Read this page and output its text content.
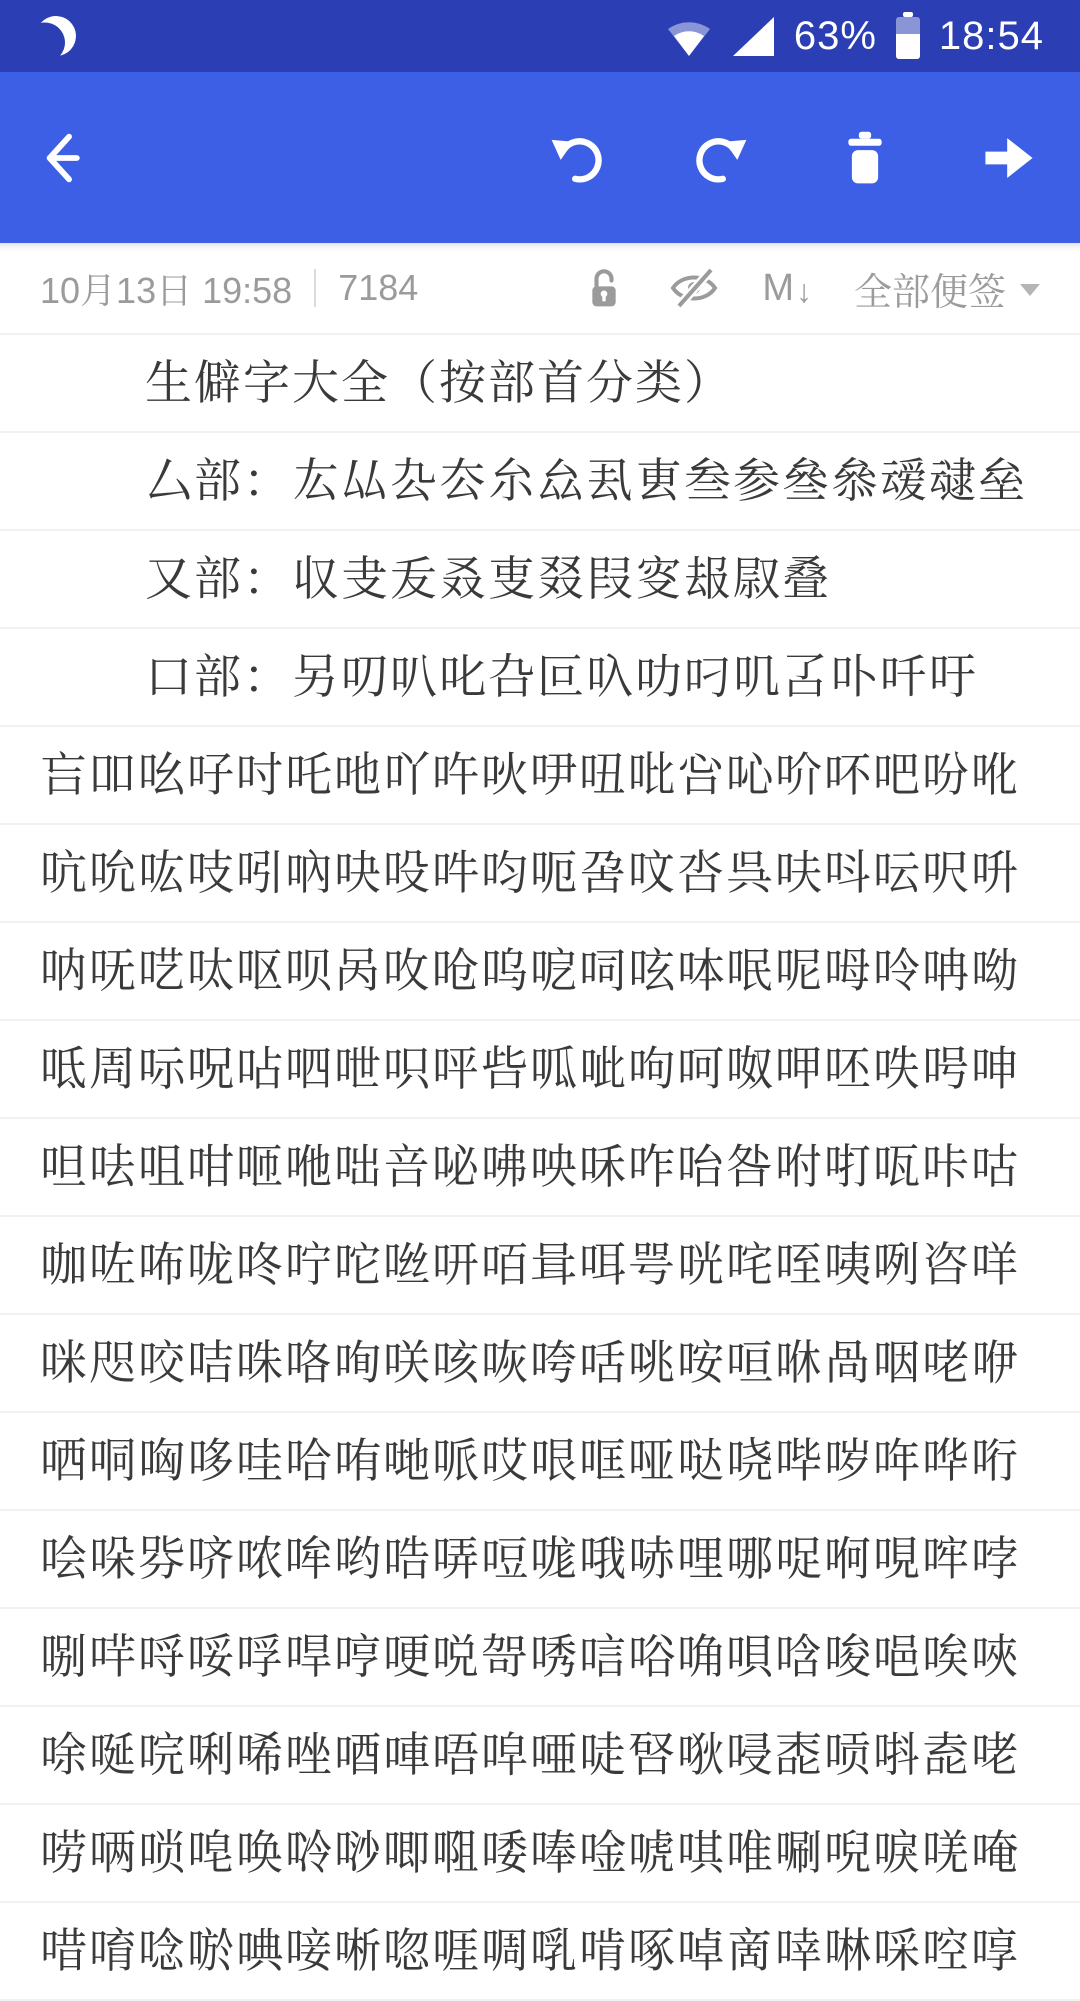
63% 18:54
10月13日 19:58 7184	M ↓ 全部便签
生僻字大全（按部首分类）
厶部：厷厸厹厺厼厽厾叀叁参叄叅叆叇垒
又部：収叏叐叒叓叕叚叜叝叞叠
口部：另叨叭叱叴叵叺叻叼叽叾卟吀吁
吂吅吆吇吋吒吔吖吘吙吚吜吡吢吣吤吥吧吩吪
吭吮吰吱吲吶吷吺吽呁呃呄呅呇呉呋呌呍呎呏
呐呒呓呔呕呗呙呚呛呜呝呞呟呠呡呢呣呤呥呦
呧周呩呪呫呬呭呮呯呰呱呲呴呵呶呷呸呹呺呻
呾呿咀咁咂咃咄咅咇咈咉咊咋咍咎咐咑咓咔咕
咖咗咘咙咚咛咜咝咞咟咠咡咢咣咤咥咦咧咨咩
咪咫咬咭咮咯咰咲咳咴咵咶咷咹咺咻咼咽咾咿
哂哃哅哆哇哈哊哋哌哎哏哐哑哒哓哔哕哖哗哘
哙哚哛哜哝哞哟哠哢哣哤哦哧哩哪哫哬哯哰哱
哵哶哷哸哹哻哼哽哾哿唀唁唂唃唄唅唆唈唉唊
唋唌唍唎唏唑唒唓唔唕唖唗唘唙唚唜唝唞唟咾
唠唡唢唣唤唥唦唧唨唩唪唫唬唭唯唰唲唳唴唵
唶唷唸唹唺唼唽唿啀啁啂啃啄啅啇啈啉啋啌啍
